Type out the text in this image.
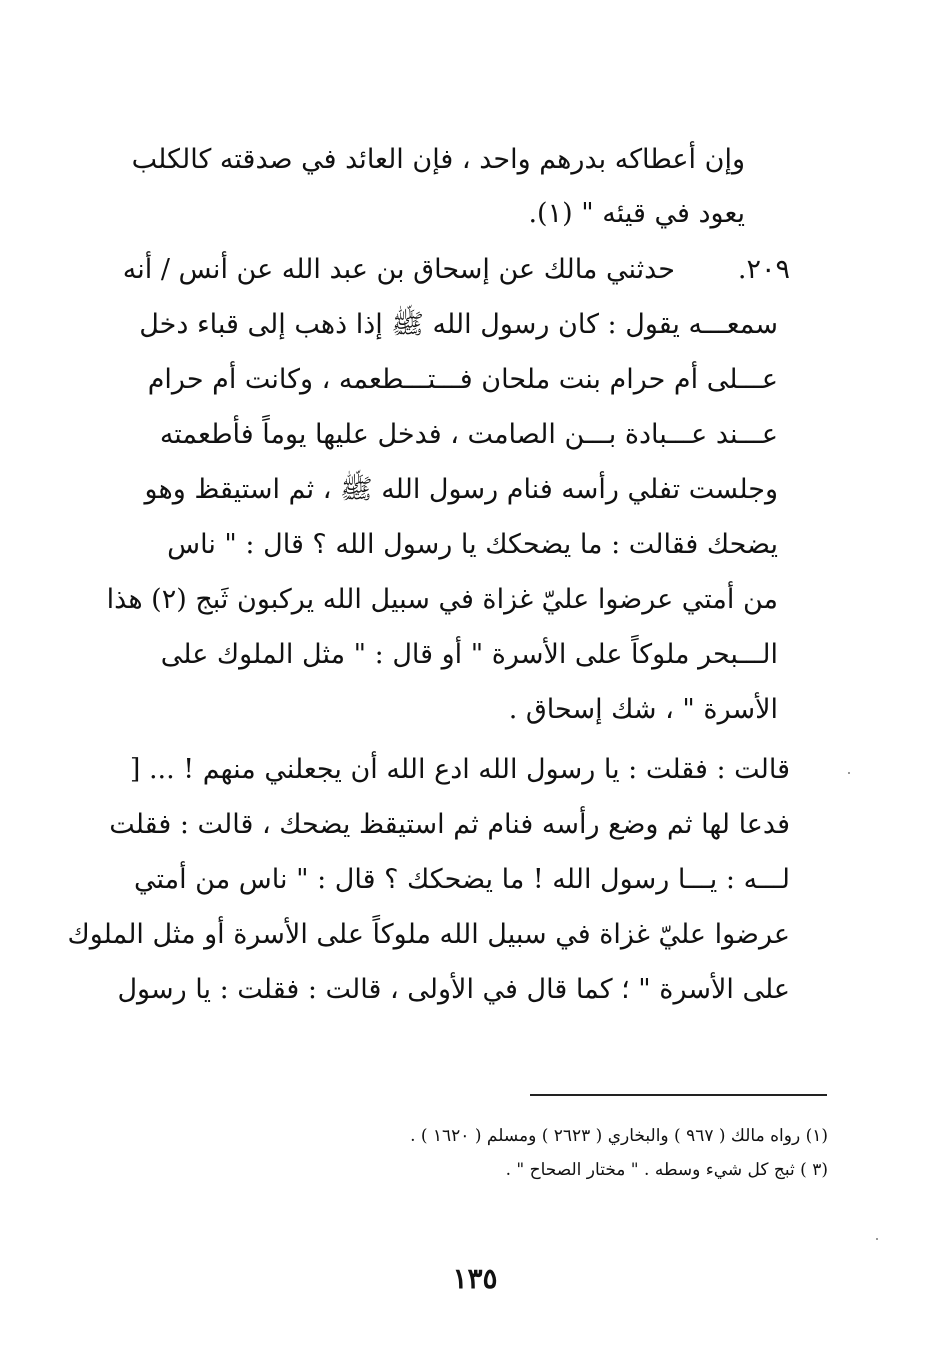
وإن أعطاكه بدرهم واحد ، فإن العائد في صدقته كالكلب
يعود في قيئه " (١).
٢٠٩.
حدثني مالك عن إسحاق بن عبد الله عن أنس / أنه
سمعـــه يقول : كان رسول الله ﷺ إذا ذهب إلى قباء دخل
عـــلى أم حرام بنت ملحان فـــتـــطعمه ، وكانت أم حرام
عـــند عـــبادة بـــن الصامت ، فدخل عليها يوماً فأطعمته
وجلست تفلي رأسه فنام رسول الله ﷺ ، ثم استيقظ وهو
يضحك فقالت : ما يضحكك يا رسول الله ؟ قال : " ناس
من أمتي عرضوا عليّ غزاة في سبيل الله يركبون ثَبج (٢) هذا
الـــبحر ملوكاً على الأسرة " أو قال : " مثل الملوك على
الأسرة " ، شك إسحاق .
قالت : فقلت : يا رسول الله ادع الله أن يجعلني منهم ! ... [
فدعا لها ثم وضع رأسه فنام ثم استيقظ يضحك ، قالت : فقلت
لـــه : يـــا رسول الله ! ما يضحكك ؟ قال : " ناس من أمتي
عرضوا عليّ غزاة في سبيل الله ملوكاً على الأسرة أو مثل الملوك
على الأسرة " ؛ كما قال في الأولى ، قالت : فقلت : يا رسول
(١) رواه مالك ( ٩٦٧ ) والبخاري ( ٢٦٢٣ ) ومسلم ( ١٦٢٠ ) .
(٣ ) ثبج كل شيء وسطه . " مختار الصحاح " .
١٣٥
